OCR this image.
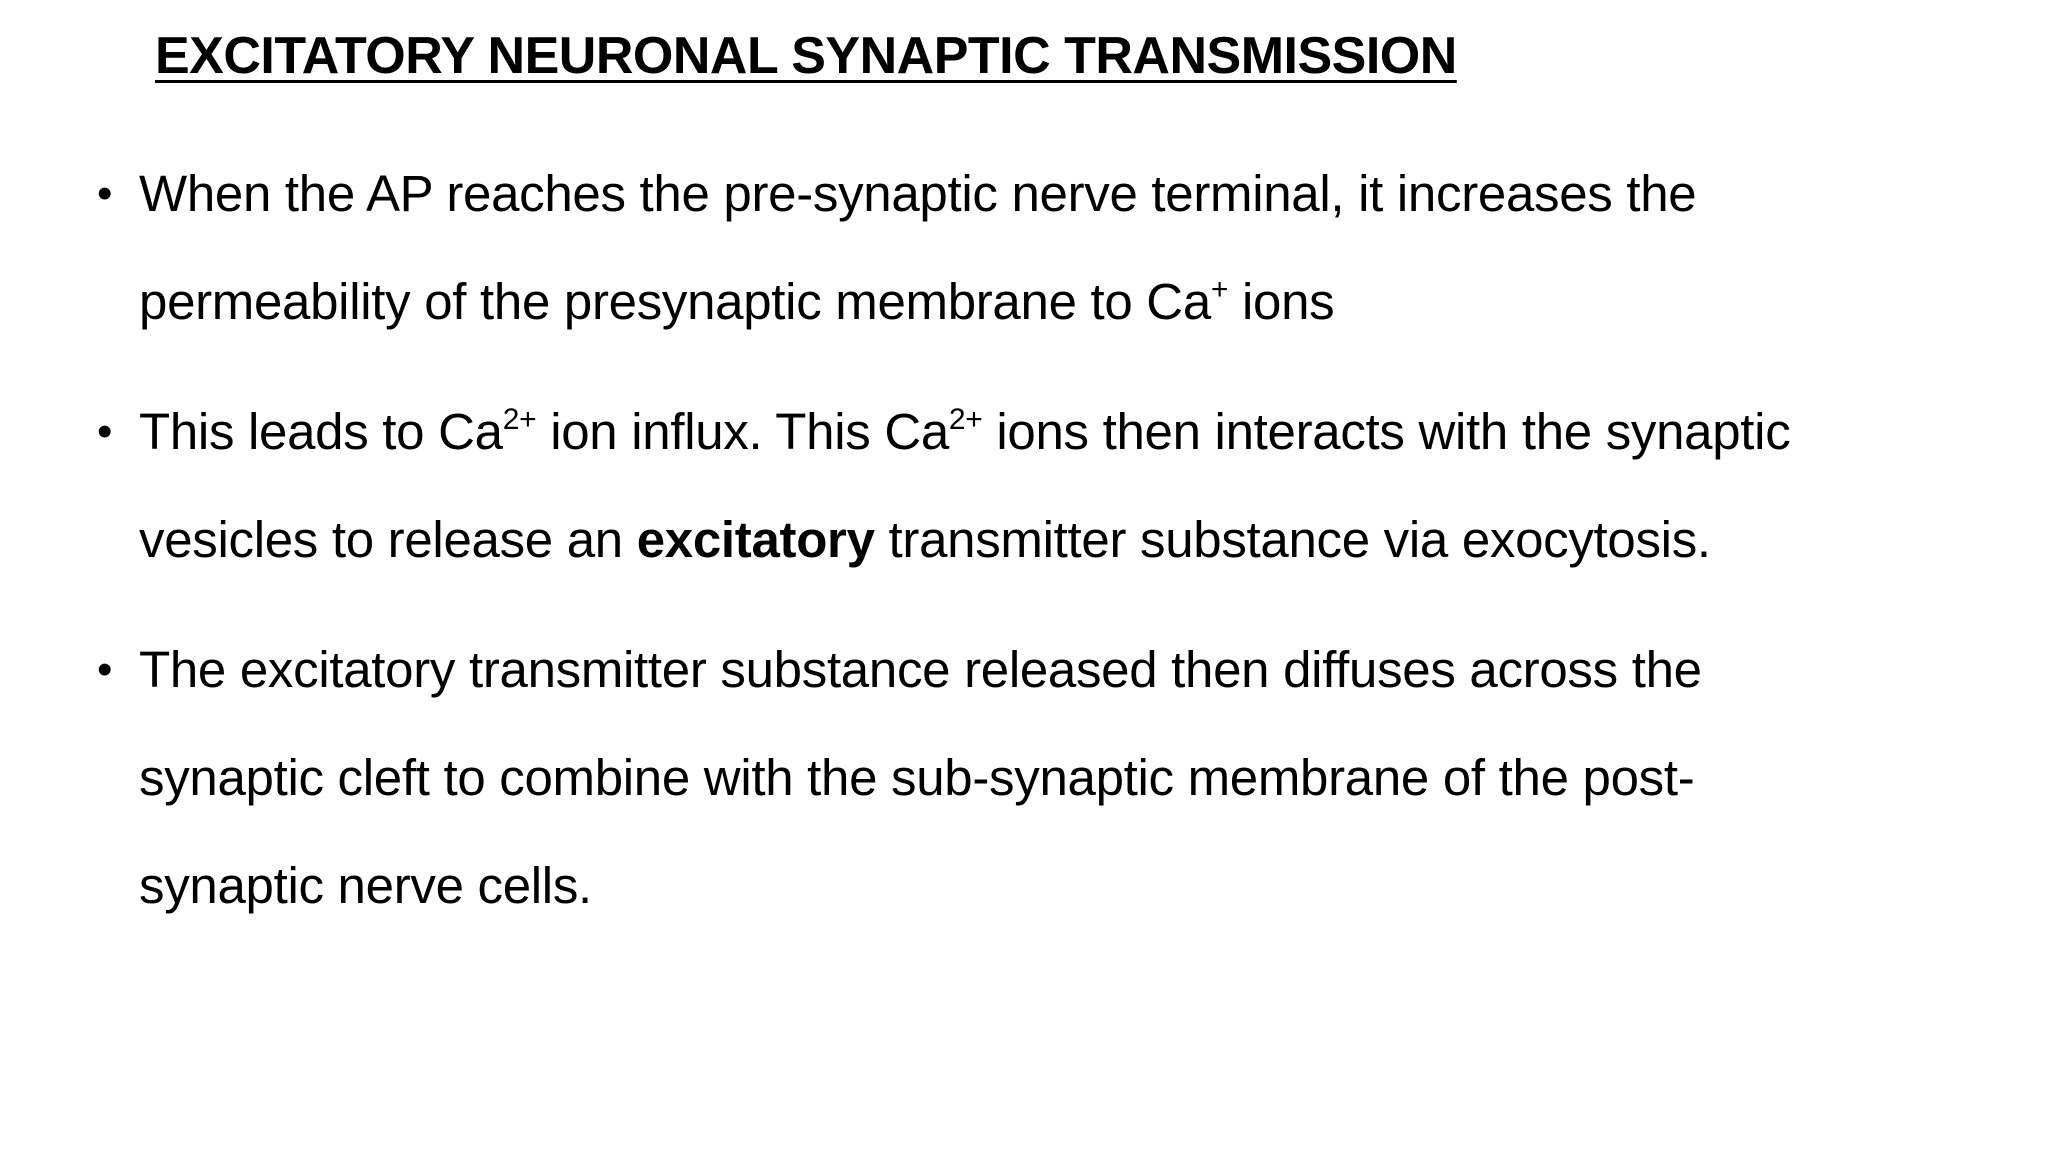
EXCITATORY NEURONAL SYNAPTIC TRANSMISSION
• When the AP reaches the pre-synaptic nerve terminal, it increases the
permeability of the presynaptic membrane to Ca+ ions
• This leads to $Ca^{2+}$ ion influx. This $Ca^{2+}$ ions then interacts with the synaptic
vesicles to release an excitatory transmitter substance via exocytosis.
• The excitatory transmitter substance released then diffuses across the
synaptic cleft to combine with the sub-synaptic membrane of the post-
synaptic nerve cells.
